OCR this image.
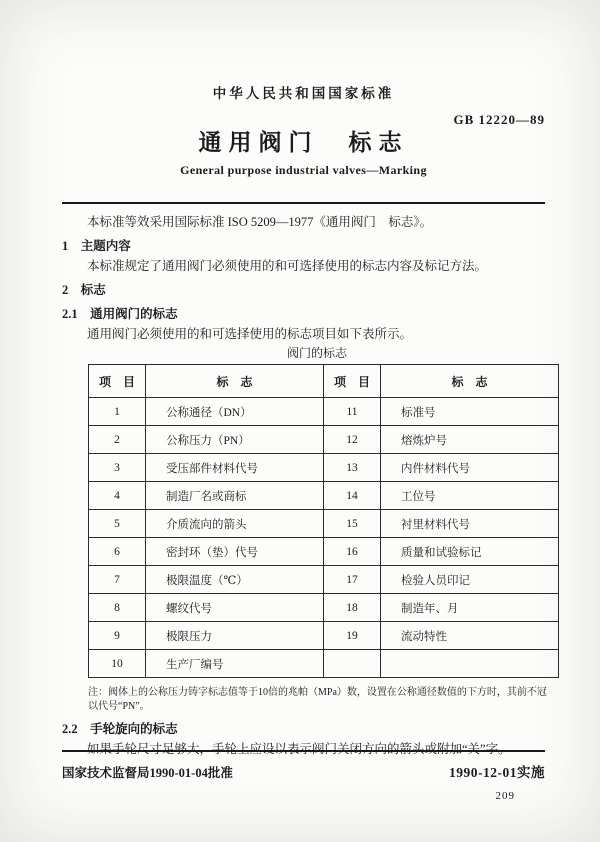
中华人民共和国国家标准
通用阀门　标志
GB 12220—89
General purpose industrial valves—Marking

本标准等效采用国际标准 ISO 5209—1977《通用阀门　标志》。

1 主题内容

本标准规定了通用阀门必须使用的和可选择使用的标志内容及标记方法。

2 标志
2.1 通用阀门的标志

通用阀门必须使用的和可选择使用的标志项目如下表所示。

阀门的标志
项　目	标　志	项　目	标　志
1	公称通径（DN）	11	标准号
2	公称压力（PN）	12	熔炼炉号
3	受压部件材料代号	13	内件材料代号
4	制造厂名或商标	14	工位号
5	介质流向的箭头	15	衬里材料代号
6	密封环（垫）代号	16	质量和试验标记
7	极限温度（℃）	17	检验人员印记
8	螺纹代号	18	制造年、月
9	极限压力	19	流动特性
10	生产厂编号		

注：阀体上的公称压力铸字标志值等于10倍的兆帕（MPa）数，设置在公称通径数值的下方时，其前不冠以代号“PN”。

2.2 手轮旋向的标志

如果手轮尺寸足够大，手轮上应设以表示阀门关闭方向的箭头或附加“关”字。

国家技术监督局1990-01-04批准	1990-12-01实施
209
